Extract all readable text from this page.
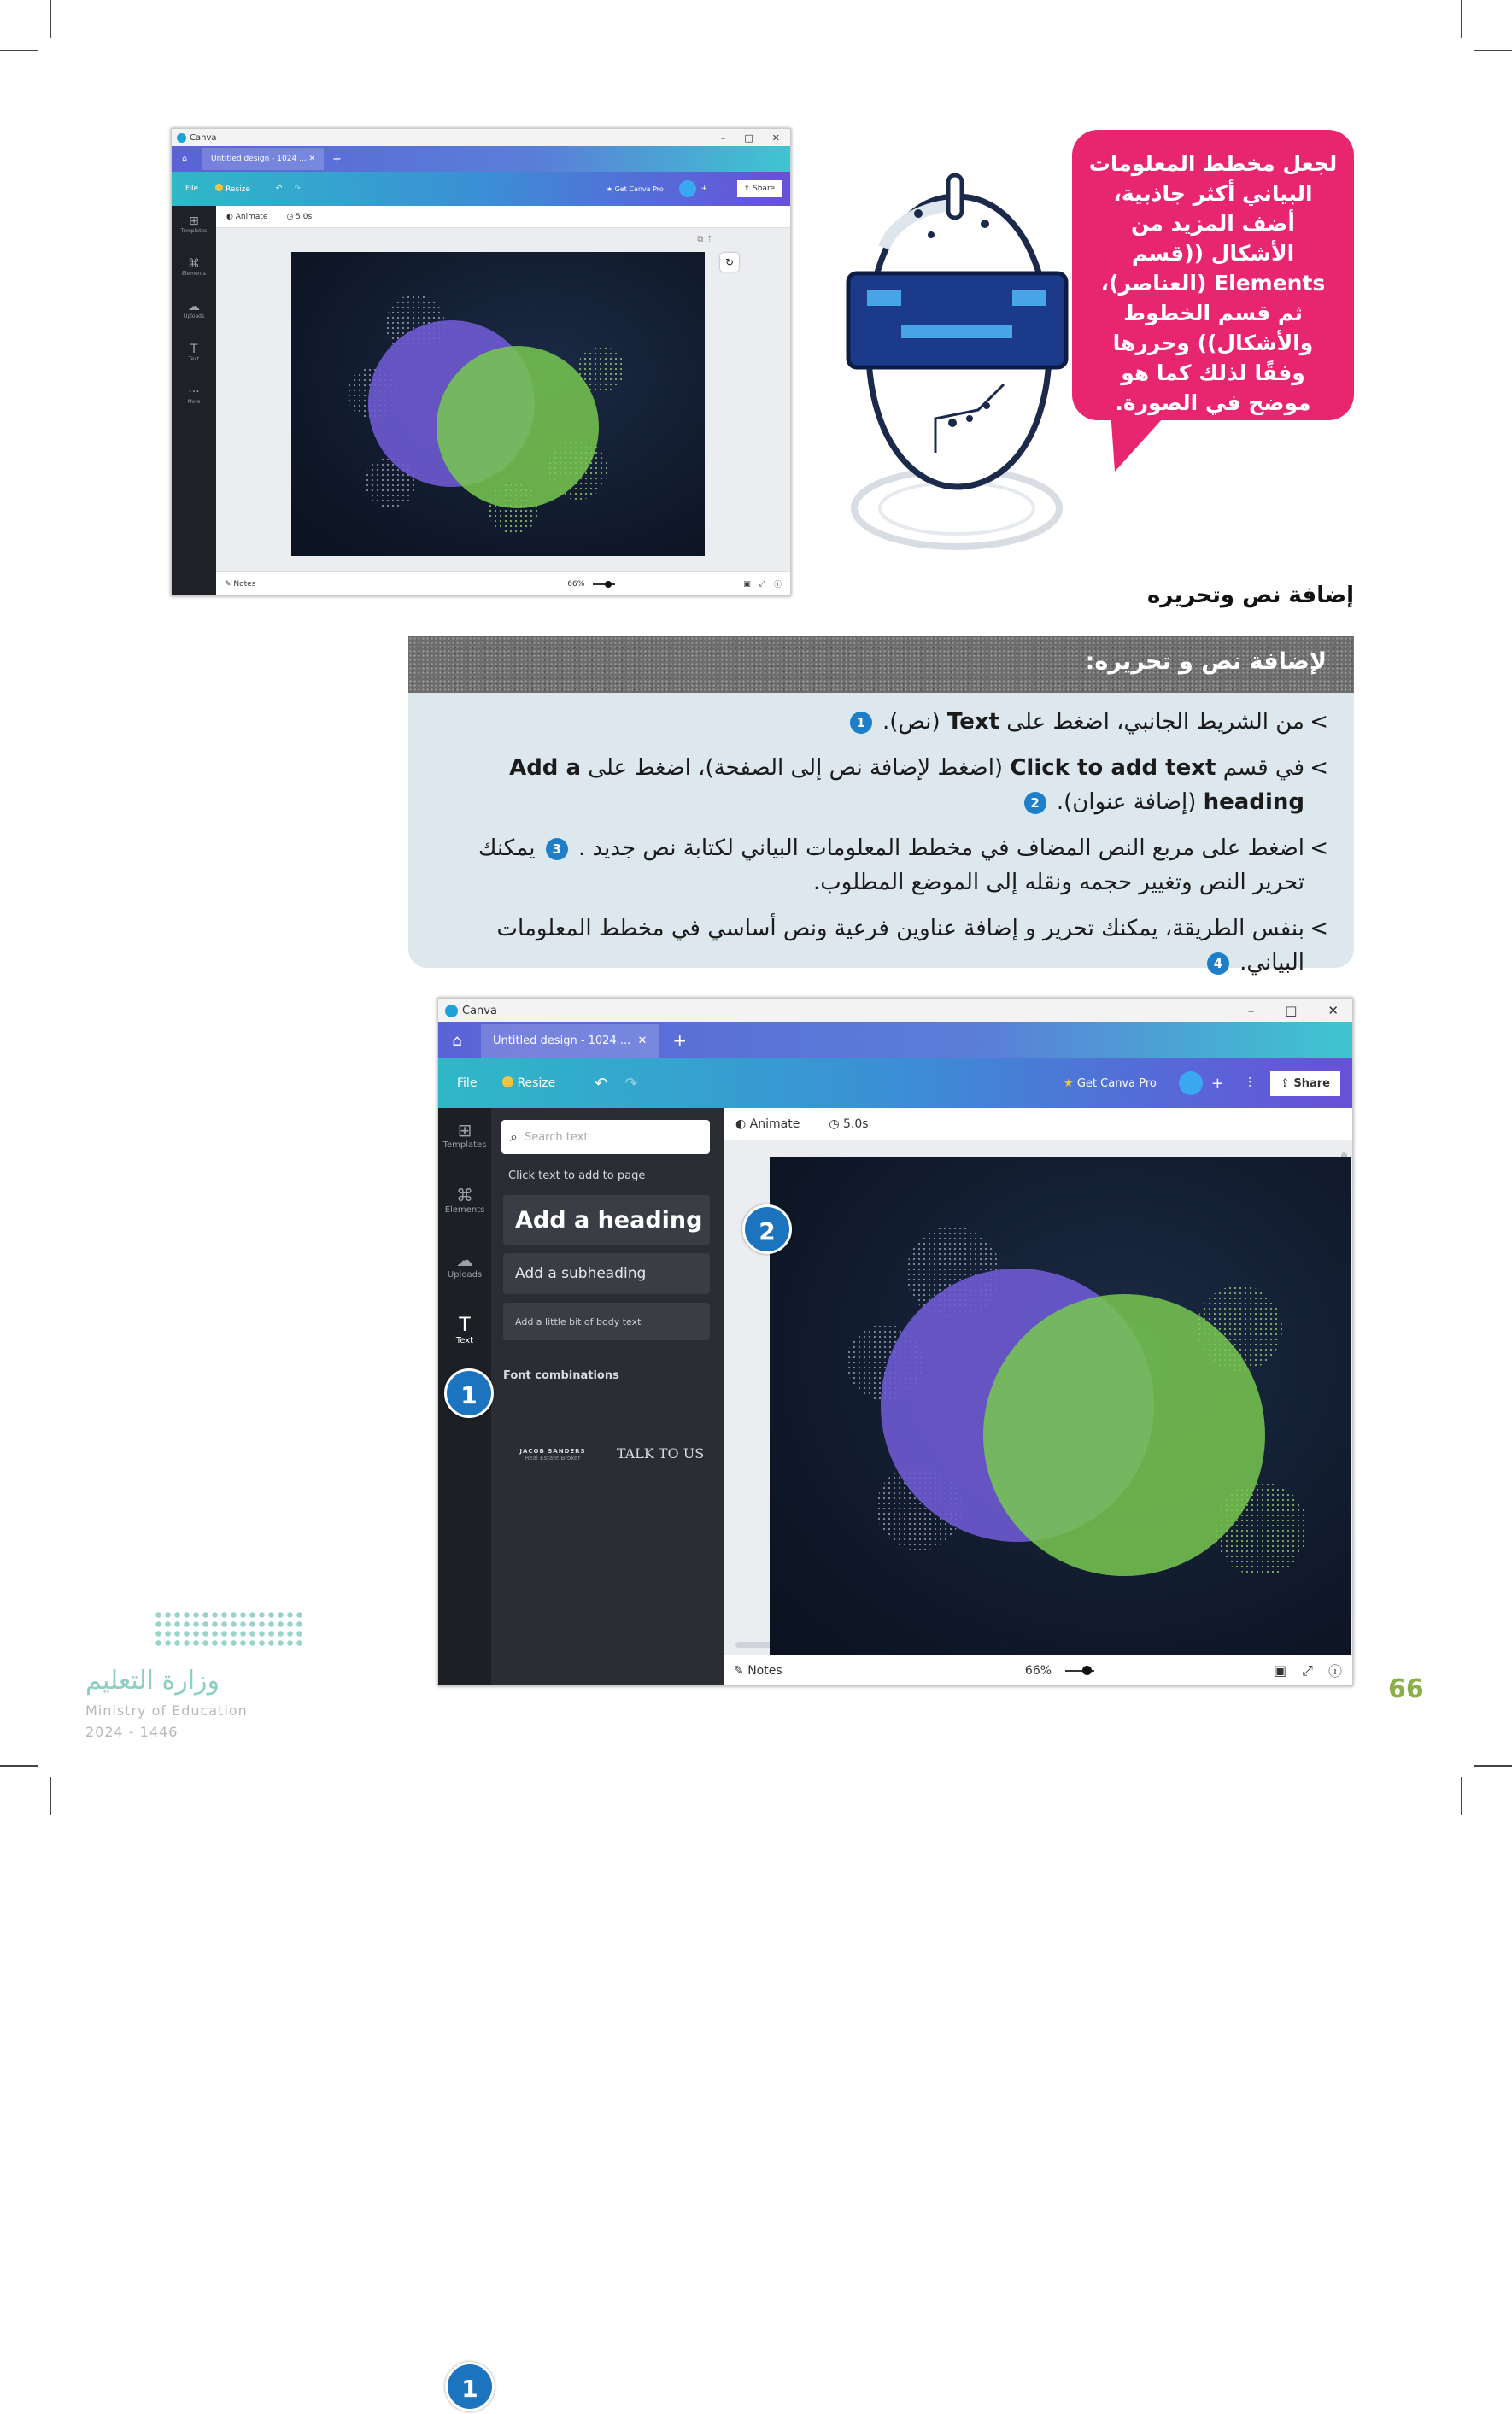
Canva	– □ ✕
⌂	Untitled design - 1024 ... ✕	+
File	Resize	↶ ↷	★ Get Canva Pro	+ ⫶	⇪ Share
⊞
Templates
⌘
Elements
☁
Uploads
T
Text
···
More
◐ Animate ◷ 5.0s
⧉ ⇡
↻
✎ Notes	66%	▣ ⤢ ⓘ
لجعل مخطط المعلومات البياني أكثر جاذبية، أضف المزيد من الأشكال ((قسم Elements (العناصر)، ثم قسم الخطوط والأشكال)) وحررها وفقًا لذلك كما هو موضح في الصورة.
إضافة نص وتحريره
لإضافة نص و تحريره:
> من الشريط الجانبي، اضغط على Text (نص). 1
> في قسم Click to add text (اضغط لإضافة نص إلى الصفحة)، اضغط على Add a heading (إضافة عنوان). 2
> اضغط على مربع النص المضاف في مخطط المعلومات البياني لكتابة نص جديد . 3 يمكنك تحرير النص وتغيير حجمه ونقله إلى الموضع المطلوب.
> بنفس الطريقة، يمكنك تحرير و إضافة عناوين فرعية ونص أساسي في مخطط المعلومات البياني. 4
Canva	– □ ✕
⌂	Untitled design - 1024 ...  ✕	+
File	Resize	↶ ↷	★ Get Canva Pro	+ ⫶	⇪ Share
⊞
Templates
⌘
Elements
☁
Uploads
T
Text
⌕ Search text
Click text to add to page
Add a heading
Add a subheading
Add a little bit of body text
Font combinations
JACOB SANDERS
Real Estate Broker	TALK TO US
◐ Animate ◷ 5.0s
^
✎ Notes	66%	▣ ⤢ ⓘ
1
1
2
وزارة التعليم
Ministry of Education
2024 - 1446
66
